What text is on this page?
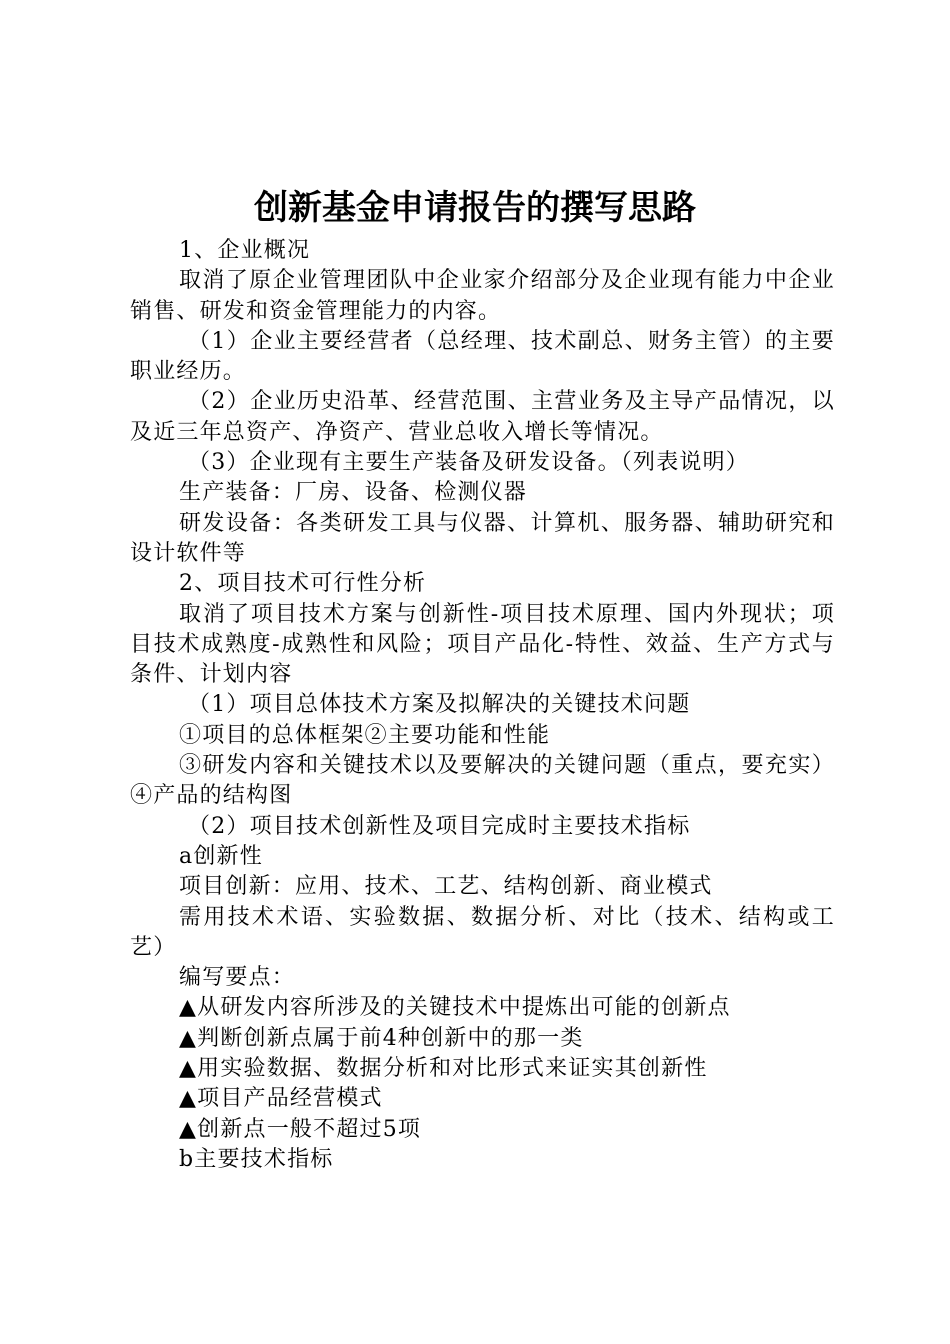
创新基金申请报告的撰写思路

1、企业概况

取消了原企业管理团队中企业家介绍部分及企业现有能力中企业销售、研发和资金管理能力的内容。

（1）企业主要经营者（总经理、技术副总、财务主管）的主要职业经历。

（2）企业历史沿革、经营范围、主营业务及主导产品情况，以及近三年总资产、净资产、营业总收入增长等情况。

（3）企业现有主要生产装备及研发设备。（列表说明）

生产装备：厂房、设备、检测仪器

研发设备：各类研发工具与仪器、计算机、服务器、辅助研究和设计软件等

2、项目技术可行性分析

取消了项目技术方案与创新性-项目技术原理、国内外现状；项目技术成熟度-成熟性和风险；项目产品化-特性、效益、生产方式与条件、计划内容

（1）项目总体技术方案及拟解决的关键技术问题

①项目的总体框架②主要功能和性能

③研发内容和关键技术以及要解决的关键问题（重点，要充实）④产品的结构图

（2）项目技术创新性及项目完成时主要技术指标

a创新性

项目创新：应用、技术、工艺、结构创新、商业模式

需用技术术语、实验数据、数据分析、对比（技术、结构或工艺）

编写要点：

▲从研发内容所涉及的关键技术中提炼出可能的创新点

▲判断创新点属于前4种创新中的那一类

▲用实验数据、数据分析和对比形式来证实其创新性

▲项目产品经营模式

▲创新点一般不超过5项

b主要技术指标
